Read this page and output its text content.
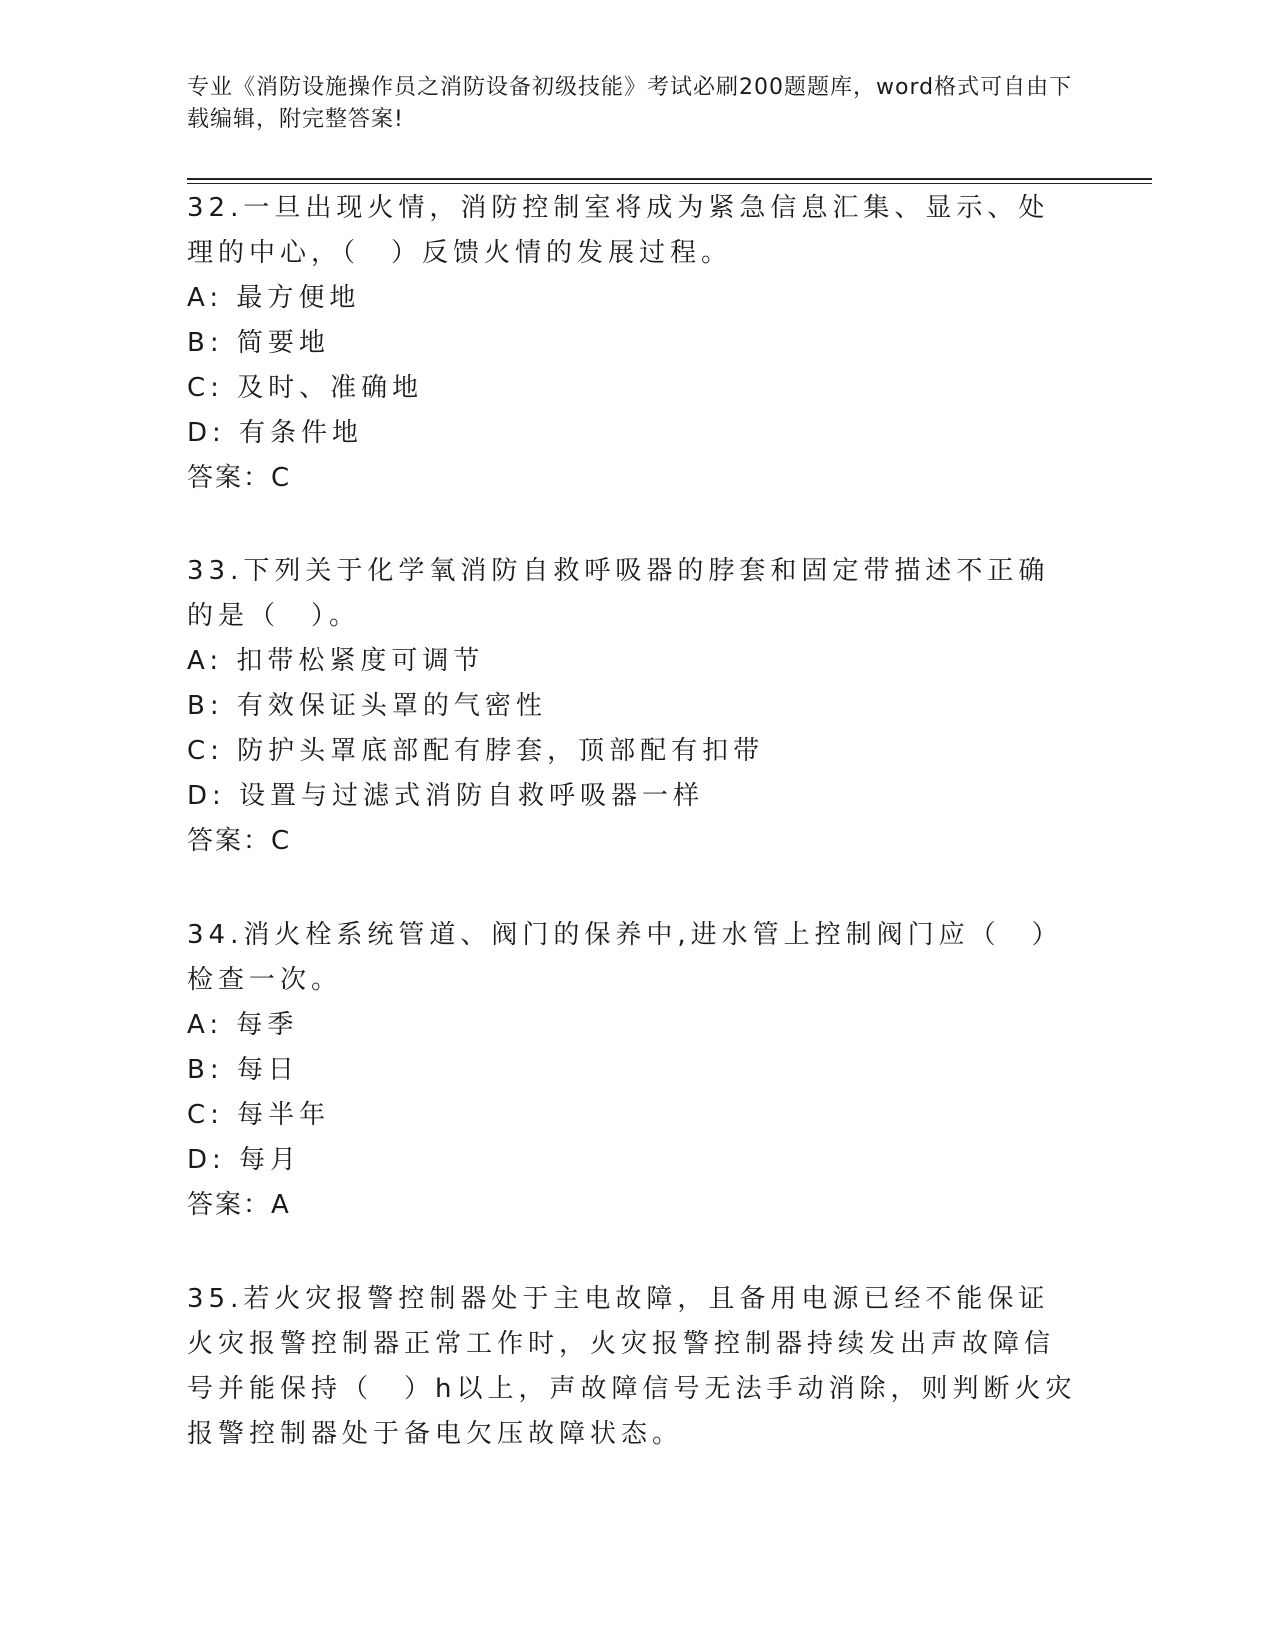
专业《消防设施操作员之消防设备初级技能》考试必刷200题题库，word格式可自由下载编辑，附完整答案!

32.一旦出现火情，消防控制室将成为紧急信息汇集、显示、处理的中心，（　）反馈火情的发展过程。

A: 最方便地

B: 简要地

C: 及时、准确地

D: 有条件地

答案：C

33.下列关于化学氧消防自救呼吸器的脖套和固定带描述不正确的是（　）。

A: 扣带松紧度可调节

B: 有效保证头罩的气密性

C: 防护头罩底部配有脖套，顶部配有扣带

D: 设置与过滤式消防自救呼吸器一样

答案：C

34.消火栓系统管道、阀门的保养中,进水管上控制阀门应（　）检查一次。

A: 每季

B: 每日

C: 每半年

D: 每月

答案：A

35.若火灾报警控制器处于主电故障，且备用电源已经不能保证火灾报警控制器正常工作时，火灾报警控制器持续发出声故障信号并能保持（　）h以上，声故障信号无法手动消除，则判断火灾报警控制器处于备电欠压故障状态。
